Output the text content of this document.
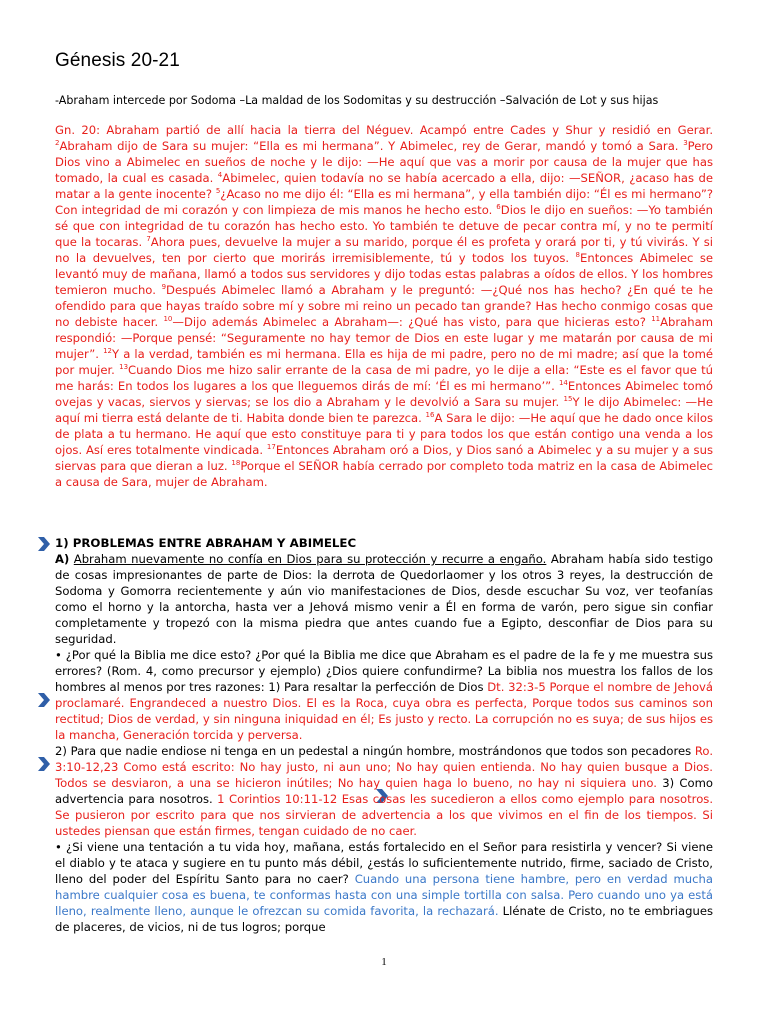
Génesis 20-21
-Abraham intercede por Sodoma –La maldad de los Sodomitas y su destrucción –Salvación de Lot y sus hijas
Gn. 20: Abraham partió de allí hacia la tierra del Néguev. Acampó entre Cades y Shur y residió en Gerar. $^2$Abraham dijo de Sara su mujer: “Ella es mi hermana”. Y Abimelec, rey de Gerar, mandó y tomó a Sara. $^3$Pero Dios vino a Abimelec en sueños de noche y le dijo: —He aquí que vas a morir por causa de la mujer que has tomado, la cual es casada. $^4$Abimelec, quien todavía no se había acercado a ella, dijo: —SEÑOR, ¿acaso has de matar a la gente inocente? $^5$¿Acaso no me dijo él: “Ella es mi hermana”, y ella también dijo: “Él es mi hermano”? Con integridad de mi corazón y con limpieza de mis manos he hecho esto. $^6$Dios le dijo en sueños: —Yo también sé que con integridad de tu corazón has hecho esto. Yo también te detuve de pecar contra mí, y no te permití que la tocaras. $^7$Ahora pues, devuelve la mujer a su marido, porque él es profeta y orará por ti, y tú vivirás. Y si no la devuelves, ten por cierto que morirás irremisiblemente, tú y todos los tuyos. $^8$Entonces Abimelec se levantó muy de mañana, llamó a todos sus servidores y dijo todas estas palabras a oídos de ellos. Y los hombres temieron mucho. $^9$Después Abimelec llamó a Abraham y le preguntó: —¿Qué nos has hecho? ¿En qué te he ofendido para que hayas traído sobre mí y sobre mi reino un pecado tan grande? Has hecho conmigo cosas que no debiste hacer. $^{10}$—Dijo además Abimelec a Abraham—: ¿Qué has visto, para que hicieras esto? $^{11}$Abraham respondió: —Porque pensé: “Seguramente no hay temor de Dios en este lugar y me matarán por causa de mi mujer”. $^{12}$Y a la verdad, también es mi hermana. Ella es hija de mi padre, pero no de mi madre; así que la tomé por mujer. $^{13}$Cuando Dios me hizo salir errante de la casa de mi padre, yo le dije a ella: “Este es el favor que tú me harás: En todos los lugares a los que lleguemos dirás de mí: ‘Él es mi hermano’”. $^{14}$Entonces Abimelec tomó ovejas y vacas, siervos y siervas; se los dio a Abraham y le devolvió a Sara su mujer. $^{15}$Y le dijo Abimelec: —He aquí mi tierra está delante de ti. Habita donde bien te parezca. $^{16}$A Sara le dijo: —He aquí que he dado once kilos de plata a tu hermano. He aquí que esto constituye para ti y para todos los que están contigo una venda a los ojos. Así eres totalmente vindicada. $^{17}$Entonces Abraham oró a Dios, y Dios sanó a Abimelec y a su mujer y a sus siervas para que dieran a luz. $^{18}$Porque el SEÑOR había cerrado por completo toda matriz en la casa de Abimelec a causa de Sara, mujer de Abraham.
1) PROBLEMAS ENTRE ABRAHAM Y ABIMELEC
A) Abraham nuevamente no confía en Dios para su protección y recurre a engaño. Abraham había sido testigo de cosas impresionantes de parte de Dios: la derrota de Quedorlaomer y los otros 3 reyes, la destrucción de Sodoma y Gomorra recientemente y aún vio manifestaciones de Dios, desde escuchar Su voz, ver teofanías como el horno y la antorcha, hasta ver a Jehová mismo venir a Él en forma de varón, pero sigue sin confiar completamente y tropezó con la misma piedra que antes cuando fue a Egipto, desconfiar de Dios para su seguridad.
• ¿Por qué la Biblia me dice esto? ¿Por qué la Biblia me dice que Abraham es el padre de la fe y me muestra sus errores? (Rom. 4, como precursor y ejemplo) ¿Dios quiere confundirme? La biblia nos muestra los fallos de los hombres al menos por tres razones: 1) Para resaltar la perfección de Dios Dt. 32:3-5 Porque el nombre de Jehová proclamaré. Engrandeced a nuestro Dios. El es la Roca, cuya obra es perfecta, Porque todos sus caminos son rectitud; Dios de verdad, y sin ninguna iniquidad en él; Es justo y recto. La corrupción no es suya; de sus hijos es la mancha, Generación torcida y perversa.
2) Para que nadie endiose ni tenga en un pedestal a ningún hombre, mostrándonos que todos son pecadores Ro. 3:10-12,23 Como está escrito: No hay justo, ni aun uno; No hay quien entienda. No hay quien busque a Dios. Todos se desviaron, a una se hicieron inútiles; No hay quien haga lo bueno, no hay ni siquiera uno. 3) Como advertencia para nosotros. 1 Corintios 10:11-12 Esas cosas les sucedieron a ellos como ejemplo para nosotros. Se pusieron por escrito para que nos sirvieran de advertencia a los que vivimos en el fin de los tiempos. Si ustedes piensan que están firmes, tengan cuidado de no caer.
• ¿Si viene una tentación a tu vida hoy, mañana, estás fortalecido en el Señor para resistirla y vencer? Si viene el diablo y te ataca y sugiere en tu punto más débil, ¿estás lo suficientemente nutrido, firme, saciado de Cristo, lleno del poder del Espíritu Santo para no caer? Cuando una persona tiene hambre, pero en verdad mucha hambre cualquier cosa es buena, te conformas hasta con una simple tortilla con salsa. Pero cuando uno ya está lleno, realmente lleno, aunque le ofrezcan su comida favorita, la rechazará. Llénate de Cristo, no te embriagues de placeres, de vicios, ni de tus logros; porque
1
